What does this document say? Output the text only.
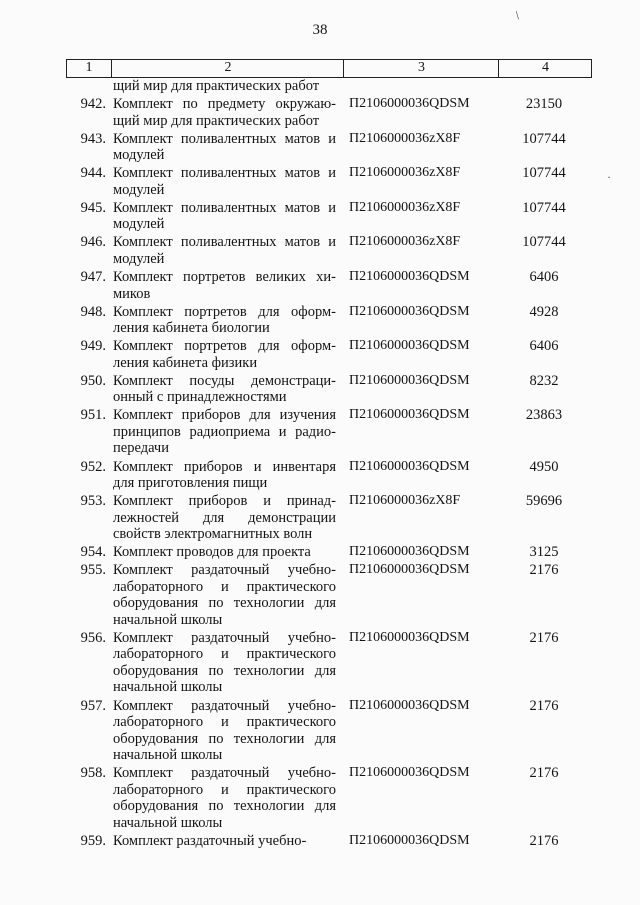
38
/
·
1	2	3	4
щий мир для практических работ
942. Комплект по предмету окружаю-
щий мир для практических работ
П2106000036QDSM	23150
943. Комплект поливалентных матов и
модулей
П2106000036zX8F	107744
944. Комплект поливалентных матов и
модулей
П2106000036zX8F	107744
945. Комплект поливалентных матов и
модулей
П2106000036zX8F	107744
946. Комплект поливалентных матов и
модулей
П2106000036zX8F	107744
947. Комплект портретов великих хи-
миков
П2106000036QDSM	6406
948. Комплект портретов для оформ-
ления кабинета биологии
П2106000036QDSM	4928
949. Комплект портретов для оформ-
ления кабинета физики
П2106000036QDSM	6406
950. Комплект посуды демонстраци-
онный с принадлежностями
П2106000036QDSM	8232
951. Комплект приборов для изучения
принципов радиоприема и радио-
передачи
П2106000036QDSM	23863
952. Комплект приборов и инвентаря
для приготовления пищи
П2106000036QDSM	4950
953. Комплект приборов и принад-
лежностей для демонстрации
свойств электромагнитных волн
П2106000036zX8F	59696
954. Комплект проводов для проекта	П2106000036QDSM	3125
955. Комплект раздаточный учебно-
лабораторного и практического
оборудования по технологии для
начальной школы
П2106000036QDSM	2176
956. Комплект раздаточный учебно-
лабораторного и практического
оборудования по технологии для
начальной школы
П2106000036QDSM	2176
957. Комплект раздаточный учебно-
лабораторного и практического
оборудования по технологии для
начальной школы
П2106000036QDSM	2176
958. Комплект раздаточный учебно-
лабораторного и практического
оборудования по технологии для
начальной школы
П2106000036QDSM	2176
959. Комплект раздаточный учебно-	П2106000036QDSM	2176
